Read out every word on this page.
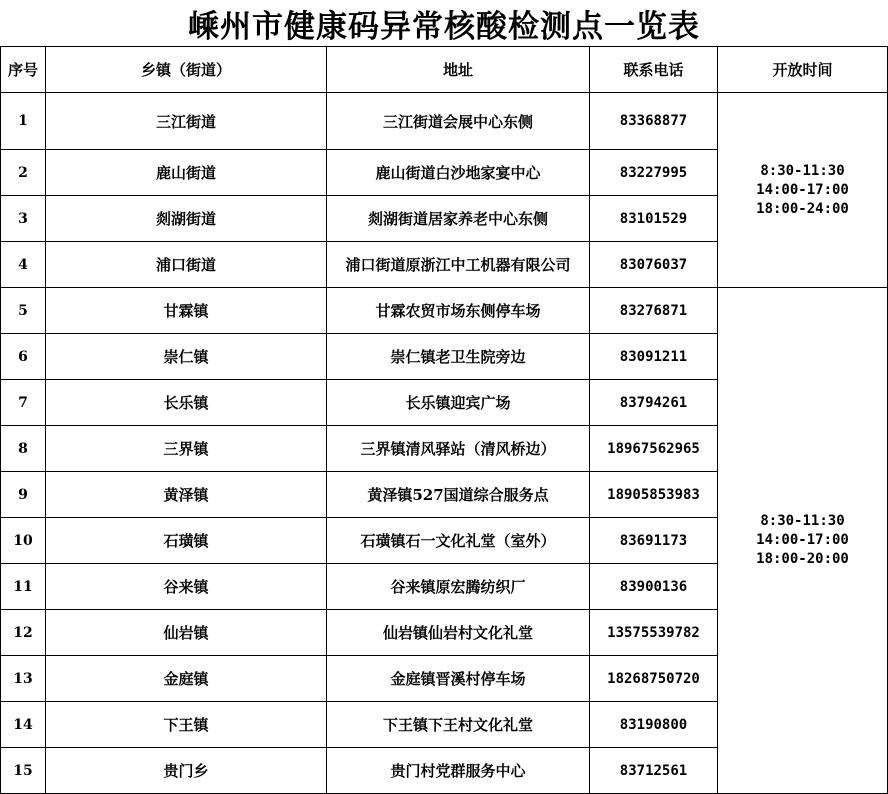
嵊州市健康码异常核酸检测点一览表
序号	乡镇（街道）	地址	联系电话	开放时间
1	三江街道	三江街道会展中心东侧	83368877	8:30-11:30
14:00-17:00
18:00-24:00

2	鹿山街道	鹿山街道白沙地家宴中心	83227995	
3	剡湖街道	剡湖街道居家养老中心东侧	83101529	
4	浦口街道	浦口街道原浙江中工机器有限公司	83076037	
5	甘霖镇	甘霖农贸市场东侧停车场	83276871	8:30-11:30
14:00-17:00
18:00-20:00

6	崇仁镇	崇仁镇老卫生院旁边	83091211	
7	长乐镇	长乐镇迎宾广场	83794261	
8	三界镇	三界镇清风驿站（清风桥边）	18967562965	
9	黄泽镇	黄泽镇527国道综合服务点	18905853983	
10	石璜镇	石璜镇石一文化礼堂（室外）	83691173	
11	谷来镇	谷来镇原宏腾纺织厂	83900136	
12	仙岩镇	仙岩镇仙岩村文化礼堂	13575539782	
13	金庭镇	金庭镇晋溪村停车场	18268750720	
14	下王镇	下王镇下王村文化礼堂	83190800	
15	贵门乡	贵门村党群服务中心	83712561	
